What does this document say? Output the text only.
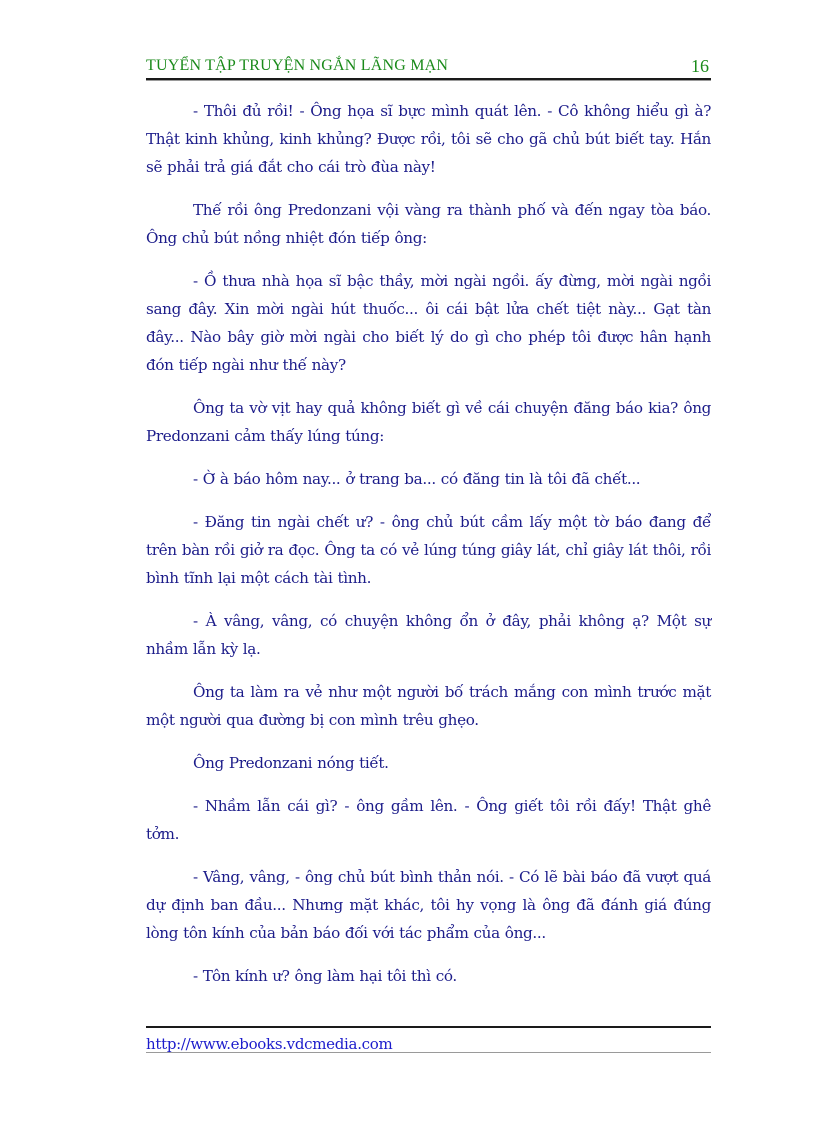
TUYỂN TẬP TRUYỆN NGẮN LÃNG MẠN	16

- Thôi đủ rồi! - Ông họa sĩ bực mình quát lên. - Cô không hiểu gì à? Thật kinh khủng, kinh khủng? Được rồi, tôi sẽ cho gã chủ bút biết tay. Hắn sẽ phải trả giá đắt cho cái trò đùa này!

Thế rồi ông Predonzani vội vàng ra thành phố và đến ngay tòa báo. Ông chủ bút nồng nhiệt đón tiếp ông:

- Ồ thưa nhà họa sĩ bậc thầy, mời ngài ngồi. ấy đừng, mời ngài ngồi sang đây. Xin mời ngài hút thuốc... ôi cái bật lửa chết tiệt này... Gạt tàn đây... Nào bây giờ mời ngài cho biết lý do gì cho phép tôi được hân hạnh đón tiếp ngài như thế này?

Ông ta vờ vịt hay quả không biết gì về cái chuyện đăng báo kia? ông Predonzani cảm thấy lúng túng:

- Ờ à báo hôm nay... ở trang ba... có đăng tin là tôi đã chết...

- Đăng tin ngài chết ư? - ông chủ bút cầm lấy một tờ báo đang để trên bàn rồi giở ra đọc. Ông ta có vẻ lúng túng giây lát, chỉ giây lát thôi, rồi bình tĩnh lại một cách tài tình.

- À vâng, vâng, có chuyện không ổn ở đây, phải không ạ? Một sự nhầm lẫn kỳ lạ.

Ông ta làm ra vẻ như một người bố trách mắng con mình trước mặt một người qua đường bị con mình trêu ghẹo.

Ông Predonzani nóng tiết.

- Nhầm lẫn cái gì? - ông gầm lên. - Ông giết tôi rồi đấy! Thật ghê tởm.

- Vâng, vâng, - ông chủ bút bình thản nói. - Có lẽ bài báo đã vượt quá dự định ban đầu... Nhưng mặt khác, tôi hy vọng là ông đã đánh giá đúng lòng tôn kính của bản báo đối với tác phẩm của ông...

- Tôn kính ư? ông làm hại tôi thì có.

http://www.ebooks.vdcmedia.com
